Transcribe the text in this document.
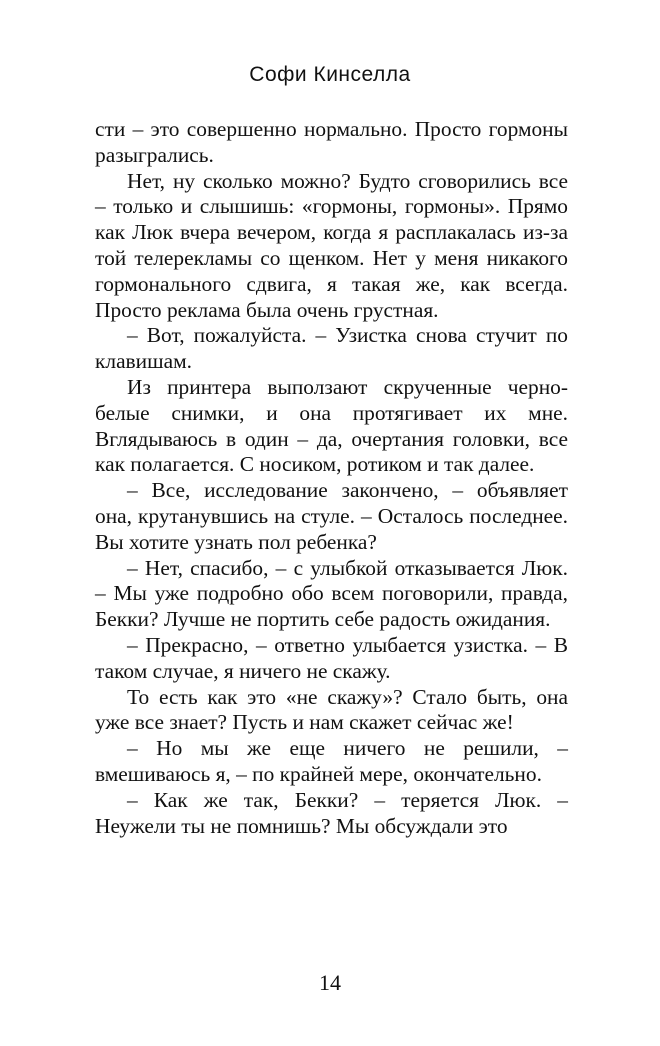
Софи Кинселла

сти – это совершенно нормально. Просто гормоны разыгрались.

Нет, ну сколько можно? Будто сговорились все – только и слышишь: «гормоны, гормоны». Прямо как Люк вчера вечером, когда я расплакалась из-за той телерекламы со щенком. Нет у меня никакого гормонального сдвига, я такая же, как всегда. Просто реклама была очень грустная.

– Вот, пожалуйста. – Узистка снова стучит по клавишам.

Из принтера выползают скрученные черно-белые снимки, и она протягивает их мне. Вглядываюсь в один – да, очертания головки, все как полагается. С носиком, ротиком и так далее.

– Все, исследование закончено, – объявляет она, крутанувшись на стуле. – Осталось последнее. Вы хотите узнать пол ребенка?

– Нет, спасибо, – с улыбкой отказывается Люк. – Мы уже подробно обо всем поговорили, правда, Бекки? Лучше не портить себе радость ожидания.

– Прекрасно, – ответно улыбается узистка. – В таком случае, я ничего не скажу.

То есть как это «не скажу»? Стало быть, она уже все знает? Пусть и нам скажет сейчас же!

– Но мы же еще ничего не решили, – вмешиваюсь я, – по крайней мере, окончательно.

– Как же так, Бекки? – теряется Люк. – Неужели ты не помнишь? Мы обсуждали это

14
